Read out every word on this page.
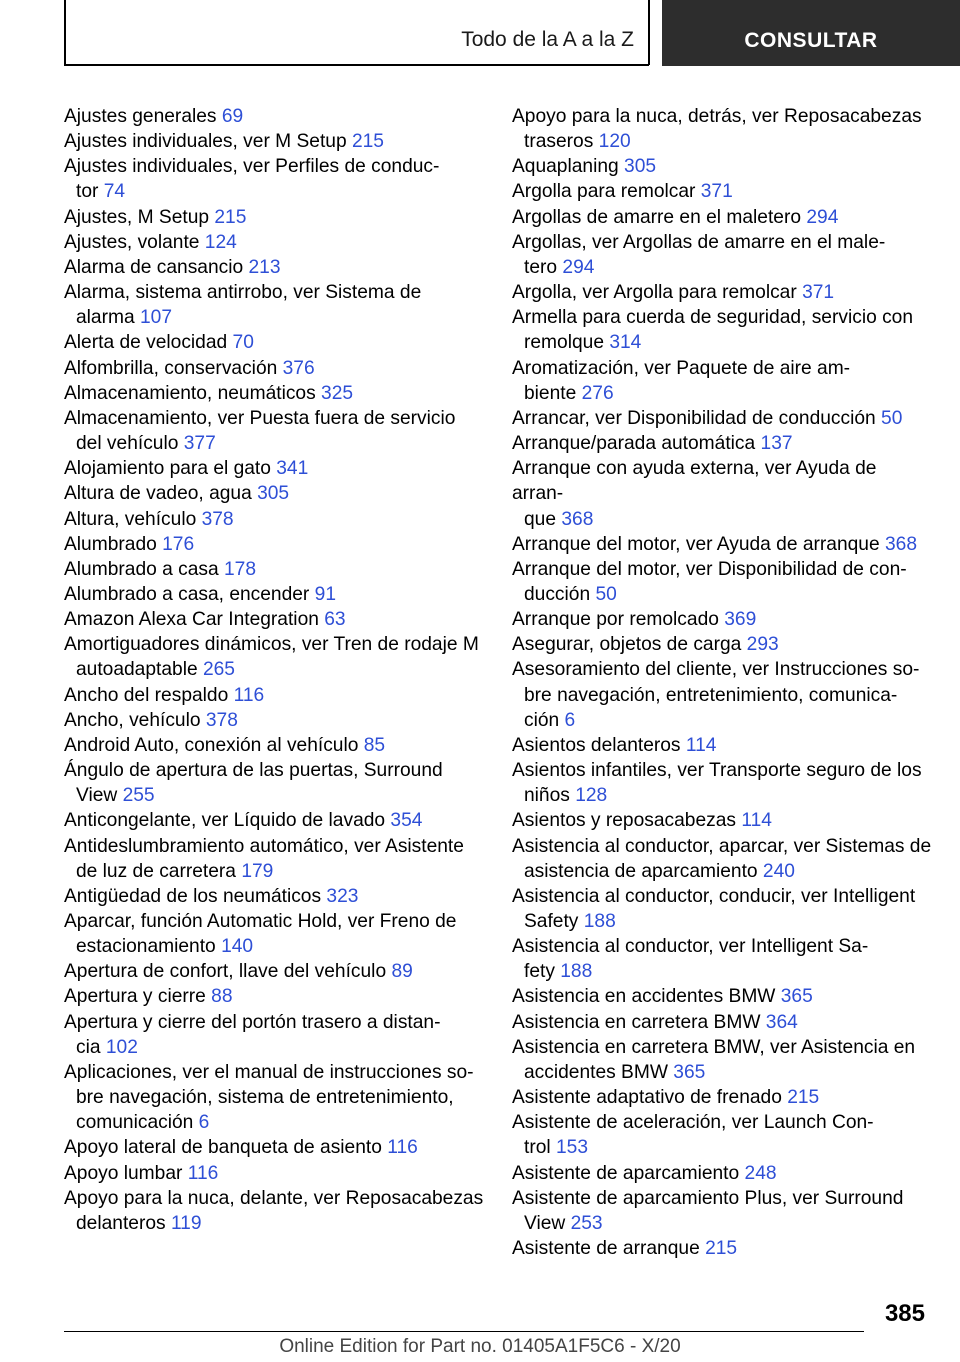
Todo de la A a la Z	CONSULTAR
Ajustes generales 69
Ajustes individuales, ver M Setup 215
Ajustes individuales, ver Perfiles de conduc-
tor 74
Ajustes, M Setup 215
Ajustes, volante 124
Alarma de cansancio 213
Alarma, sistema antirrobo, ver Sistema de
alarma 107
Alerta de velocidad 70
Alfombrilla, conservación 376
Almacenamiento, neumáticos 325
Almacenamiento, ver Puesta fuera de servicio
del vehículo 377
Alojamiento para el gato 341
Altura de vadeo, agua 305
Altura, vehículo 378
Alumbrado 176
Alumbrado a casa 178
Alumbrado a casa, encender 91
Amazon Alexa Car Integration 63
Amortiguadores dinámicos, ver Tren de rodaje M
autoadaptable 265
Ancho del respaldo 116
Ancho, vehículo 378
Android Auto, conexión al vehículo 85
Ángulo de apertura de las puertas, Surround
View 255
Anticongelante, ver Líquido de lavado 354
Antideslumbramiento automático, ver Asistente
de luz de carretera 179
Antigüedad de los neumáticos 323
Aparcar, función Automatic Hold, ver Freno de
estacionamiento 140
Apertura de confort, llave del vehículo 89
Apertura y cierre 88
Apertura y cierre del portón trasero a distan-
cia 102
Aplicaciones, ver el manual de instrucciones so-
bre navegación, sistema de entretenimiento,
comunicación 6
Apoyo lateral de banqueta de asiento 116
Apoyo lumbar 116
Apoyo para la nuca, delante, ver Reposacabezas
delanteros 119
Apoyo para la nuca, detrás, ver Reposacabezas
traseros 120
Aquaplaning 305
Argolla para remolcar 371
Argollas de amarre en el maletero 294
Argollas, ver Argollas de amarre en el male-
tero 294
Argolla, ver Argolla para remolcar 371
Armella para cuerda de seguridad, servicio con
remolque 314
Aromatización, ver Paquete de aire am-
biente 276
Arrancar, ver Disponibilidad de conducción 50
Arranque/parada automática 137
Arranque con ayuda externa, ver Ayuda de arran-
que 368
Arranque del motor, ver Ayuda de arranque 368
Arranque del motor, ver Disponibilidad de con-
ducción 50
Arranque por remolcado 369
Asegurar, objetos de carga 293
Asesoramiento del cliente, ver Instrucciones so-
bre navegación, entretenimiento, comunica-
ción 6
Asientos delanteros 114
Asientos infantiles, ver Transporte seguro de los
niños 128
Asientos y reposacabezas 114
Asistencia al conductor, aparcar, ver Sistemas de
asistencia de aparcamiento 240
Asistencia al conductor, conducir, ver Intelligent
Safety 188
Asistencia al conductor, ver Intelligent Sa-
fety 188
Asistencia en accidentes BMW 365
Asistencia en carretera BMW 364
Asistencia en carretera BMW, ver Asistencia en
accidentes BMW 365
Asistente adaptativo de frenado 215
Asistente de aceleración, ver Launch Con-
trol 153
Asistente de aparcamiento 248
Asistente de aparcamiento Plus, ver Surround
View 253
Asistente de arranque 215
385
Online Edition for Part no. 01405A1F5C6 - X/20
